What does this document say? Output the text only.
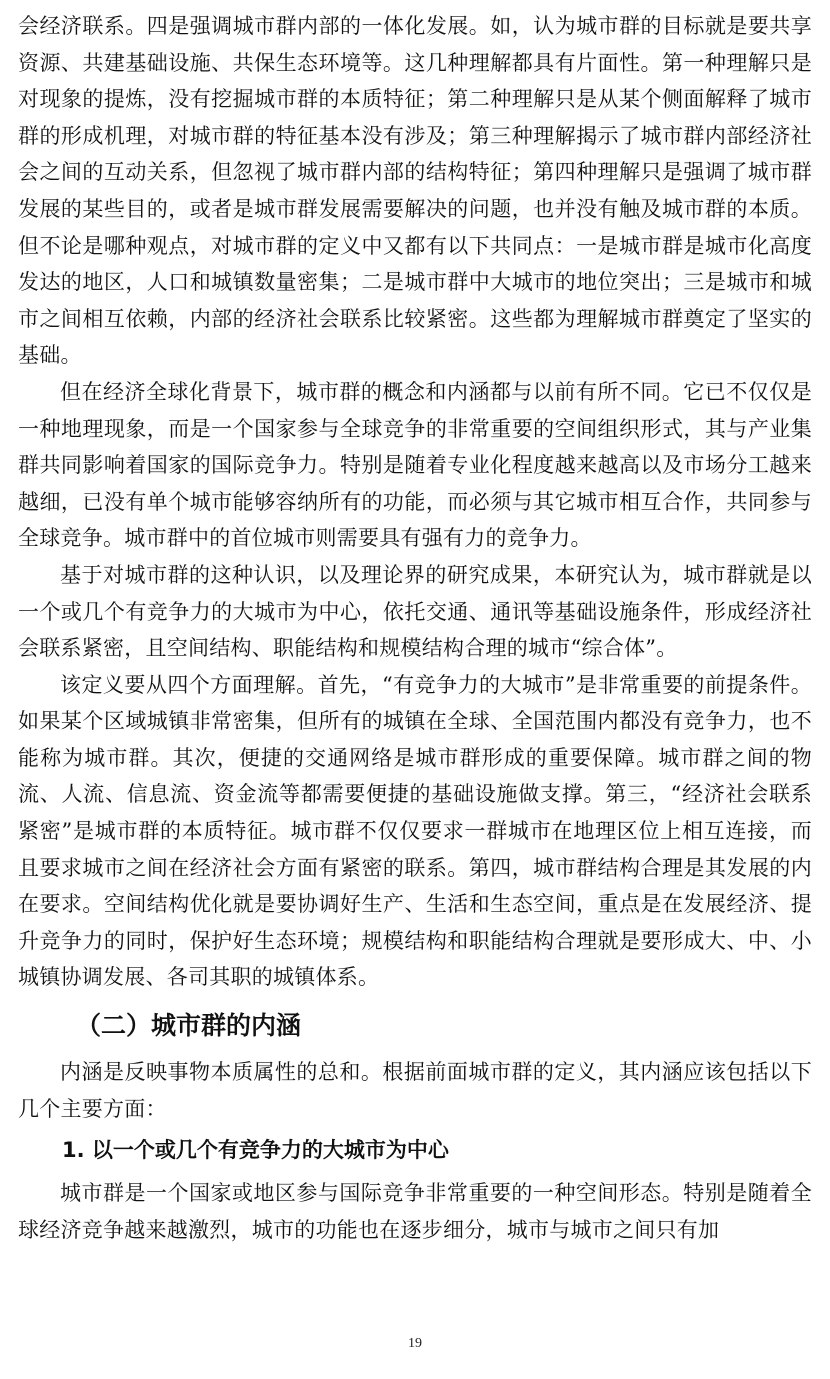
会经济联系。四是强调城市群内部的一体化发展。如，认为城市群的目标就是要共享资源、共建基础设施、共保生态环境等。这几种理解都具有片面性。第一种理解只是对现象的提炼，没有挖掘城市群的本质特征；第二种理解只是从某个侧面解释了城市群的形成机理，对城市群的特征基本没有涉及；第三种理解揭示了城市群内部经济社会之间的互动关系，但忽视了城市群内部的结构特征；第四种理解只是强调了城市群发展的某些目的，或者是城市群发展需要解决的问题，也并没有触及城市群的本质。但不论是哪种观点，对城市群的定义中又都有以下共同点：一是城市群是城市化高度发达的地区，人口和城镇数量密集；二是城市群中大城市的地位突出；三是城市和城市之间相互依赖，内部的经济社会联系比较紧密。这些都为理解城市群奠定了坚实的基础。

但在经济全球化背景下，城市群的概念和内涵都与以前有所不同。它已不仅仅是一种地理现象，而是一个国家参与全球竞争的非常重要的空间组织形式，其与产业集群共同影响着国家的国际竞争力。特别是随着专业化程度越来越高以及市场分工越来越细，已没有单个城市能够容纳所有的功能，而必须与其它城市相互合作，共同参与全球竞争。城市群中的首位城市则需要具有强有力的竞争力。

基于对城市群的这种认识，以及理论界的研究成果，本研究认为，城市群就是以一个或几个有竞争力的大城市为中心，依托交通、通讯等基础设施条件，形成经济社会联系紧密，且空间结构、职能结构和规模结构合理的城市“综合体”。

该定义要从四个方面理解。首先，“有竞争力的大城市”是非常重要的前提条件。如果某个区域城镇非常密集，但所有的城镇在全球、全国范围内都没有竞争力，也不能称为城市群。其次，便捷的交通网络是城市群形成的重要保障。城市群之间的物流、人流、信息流、资金流等都需要便捷的基础设施做支撑。第三，“经济社会联系紧密”是城市群的本质特征。城市群不仅仅要求一群城市在地理区位上相互连接，而且要求城市之间在经济社会方面有紧密的联系。第四，城市群结构合理是其发展的内在要求。空间结构优化就是要协调好生产、生活和生态空间，重点是在发展经济、提升竞争力的同时，保护好生态环境；规模结构和职能结构合理就是要形成大、中、小城镇协调发展、各司其职的城镇体系。

（二）城市群的内涵

内涵是反映事物本质属性的总和。根据前面城市群的定义，其内涵应该包括以下几个主要方面：

1. 以一个或几个有竞争力的大城市为中心

城市群是一个国家或地区参与国际竞争非常重要的一种空间形态。特别是随着全球经济竞争越来越激烈，城市的功能也在逐步细分，城市与城市之间只有加

19
